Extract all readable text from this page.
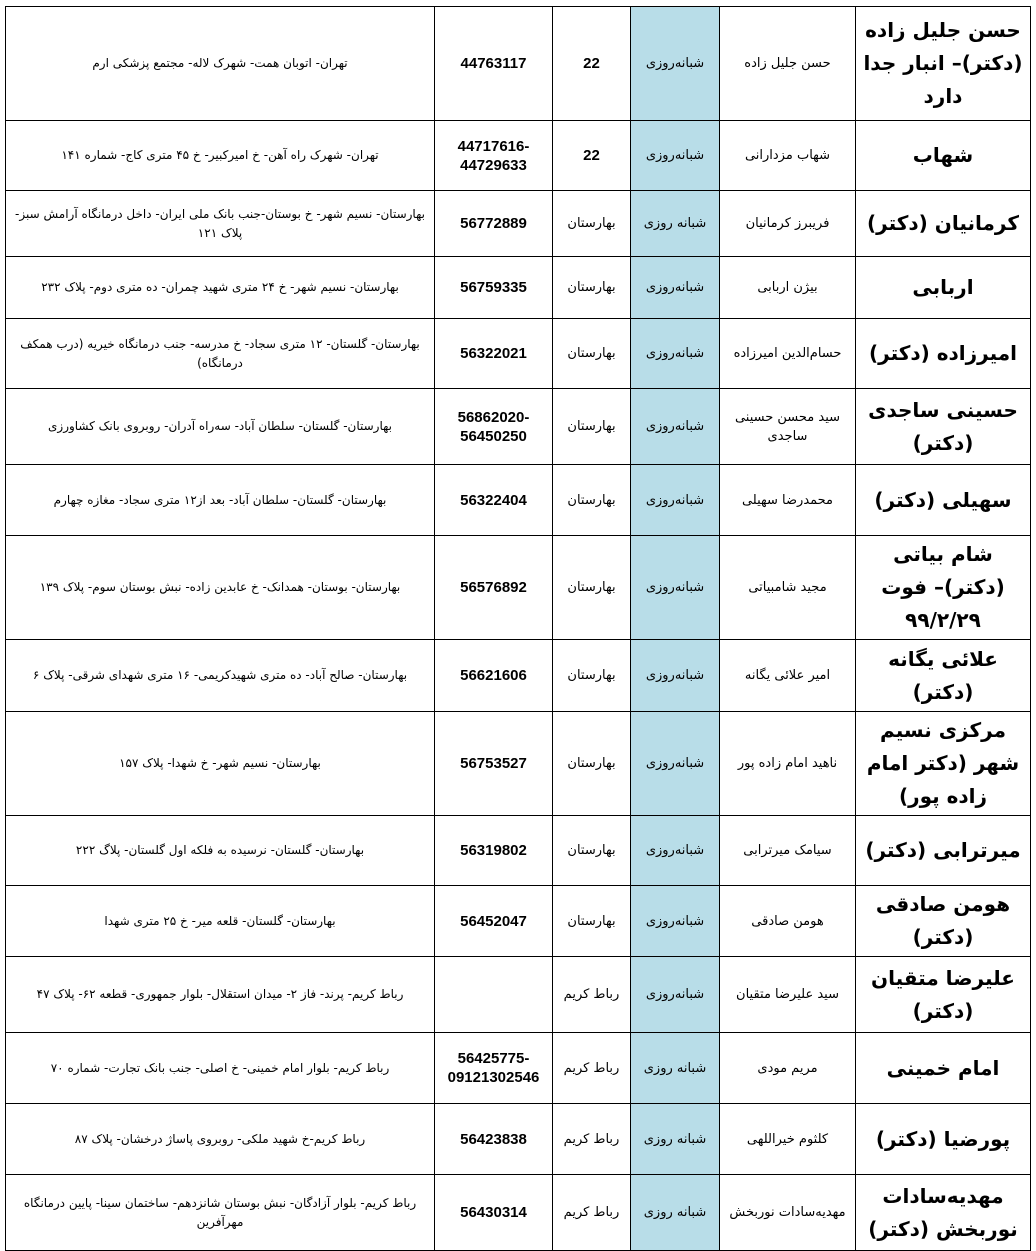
حسن جلیل زاده (دکتر)– انبار جدا دارد	حسن جلیل زاده	شبانه‌روزی	22	44763117	تهران- اتوبان همت- شهرک لاله- مجتمع پزشکی ارم
شهاب	شهاب مزدارانی	شبانه‌روزی	22	44717616-44729633	تهران- شهرک راه آهن- خ امیرکبیر- خ ۴۵ متری کاج- شماره ۱۴۱
کرمانیان (دکتر)	فریبرز کرمانیان	شبانه روزی	بهارستان	56772889	بهارستان- نسیم شهر- خ بوستان-جنب بانک ملی ایران- داخل درمانگاه آرامش سبز- پلاک ۱۲۱
اربابی	بیژن اربابی	شبانه‌روزی	بهارستان	56759335	بهارستان- نسیم شهر- خ ۲۴ متری شهید چمران- ده متری دوم- پلاک ۲۳۲
امیرزاده (دکتر)	حسام‌الدین امیرزاده	شبانه‌روزی	بهارستان	56322021	بهارستان- گلستان- ۱۲ متری سجاد- خ مدرسه- جنب درمانگاه خیریه (درب همکف درمانگاه)
حسینی ساجدی (دکتر)	سید محسن حسینی ساجدی	شبانه‌روزی	بهارستان	56862020-56450250	بهارستان- گلستان- سلطان آباد- سه‌راه آدران- روبروی بانک کشاورزی
سهیلی (دکتر)	محمدرضا سهیلی	شبانه‌روزی	بهارستان	56322404	بهارستان- گلستان- سلطان آباد- بعد از۱۲ متری سجاد- مغازه چهارم
شام بیاتی (دکتر)– فوت ۹۹/۲/۲۹	مجید شامبیاتی	شبانه‌روزی	بهارستان	56576892	بهارستان- بوستان- همدانک- خ عابدین زاده- نبش بوستان سوم- پلاک ۱۳۹
علائی یگانه (دکتر)	امیر علائی یگانه	شبانه‌روزی	بهارستان	56621606	بهارستان- صالح آباد- ده متری شهیدکریمی- ۱۶ متری شهدای شرقی- پلاک ۶
مرکزی نسیم شهر (دکتر امام زاده پور)	ناهید امام زاده پور	شبانه‌روزی	بهارستان	56753527	بهارستان- نسیم شهر- خ شهدا- پلاک ۱۵۷
میرترابی (دکتر)	سیامک میرترابی	شبانه‌روزی	بهارستان	56319802	بهارستان- گلستان- نرسیده به فلکه اول گلستان- پلاگ ۲۲۲
هومن صادقی (دکتر)	هومن صادقی	شبانه‌روزی	بهارستان	56452047	بهارستان- گلستان- قلعه میر- خ ۲۵ متری شهدا
علیرضا متقیان (دکتر)	سید علیرضا متقیان	شبانه‌روزی	رباط کریم		رباط کریم- پرند- فاز ۲- میدان استقلال- بلوار جمهوری- قطعه ۶۲- پلاک ۴۷
امام خمینی	مریم مودی	شبانه روزی	رباط کریم	56425775-09121302546	رباط کریم- بلوار امام خمینی- خ اصلی- جنب بانک تجارت- شماره ۷۰
پورضیا (دکتر)	کلثوم خیراللهی	شبانه روزی	رباط کریم	56423838	رباط کریم-خ شهید ملکی- روبروی پاساژ درخشان- پلاک ۸۷
مهدیه‌سادات نوربخش (دکتر)	مهدیه‌سادات نوربخش	شبانه روزی	رباط کریم	56430314	رباط کریم- بلوار آزادگان- نبش بوستان شانزدهم- ساختمان سینا- پایین درمانگاه مهرآفرین
